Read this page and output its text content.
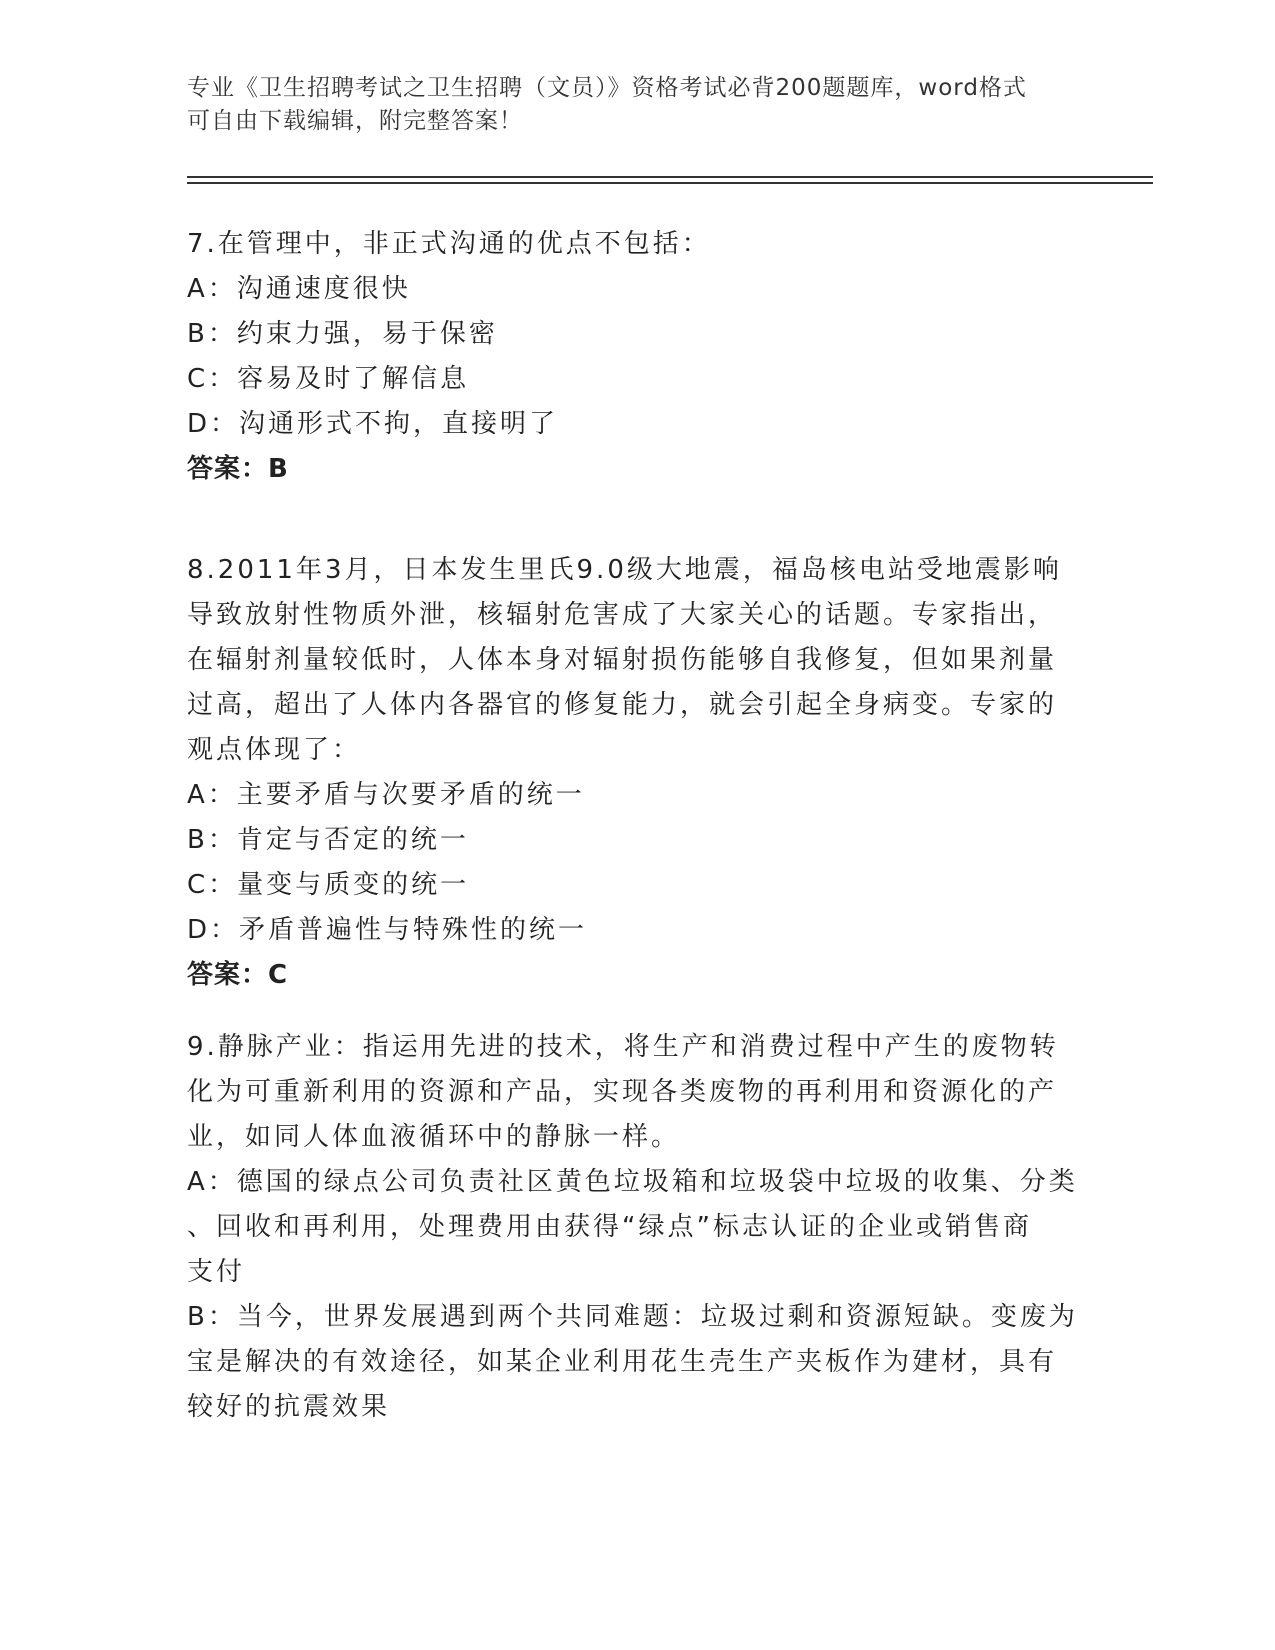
专业《卫生招聘考试之卫生招聘（文员）》资格考试必背200题题库，word格式
可自由下载编辑，附完整答案！
7.在管理中，非正式沟通的优点不包括：
A：沟通速度很快
B：约束力强，易于保密
C：容易及时了解信息
D：沟通形式不拘，直接明了
答案：B
8.2011年3月，日本发生里氏9.0级大地震，福岛核电站受地震影响
导致放射性物质外泄，核辐射危害成了大家关心的话题。专家指出，
在辐射剂量较低时，人体本身对辐射损伤能够自我修复，但如果剂量
过高，超出了人体内各器官的修复能力，就会引起全身病变。专家的
观点体现了：
A：主要矛盾与次要矛盾的统一
B：肯定与否定的统一
C：量变与质变的统一
D：矛盾普遍性与特殊性的统一
答案：C
9.静脉产业：指运用先进的技术，将生产和消费过程中产生的废物转
化为可重新利用的资源和产品，实现各类废物的再利用和资源化的产
业，如同人体血液循环中的静脉一样。
A：德国的绿点公司负责社区黄色垃圾箱和垃圾袋中垃圾的收集、分类
、回收和再利用，处理费用由获得“绿点”标志认证的企业或销售商
支付
B：当今，世界发展遇到两个共同难题：垃圾过剩和资源短缺。变废为
宝是解决的有效途径，如某企业利用花生壳生产夹板作为建材，具有
较好的抗震效果
